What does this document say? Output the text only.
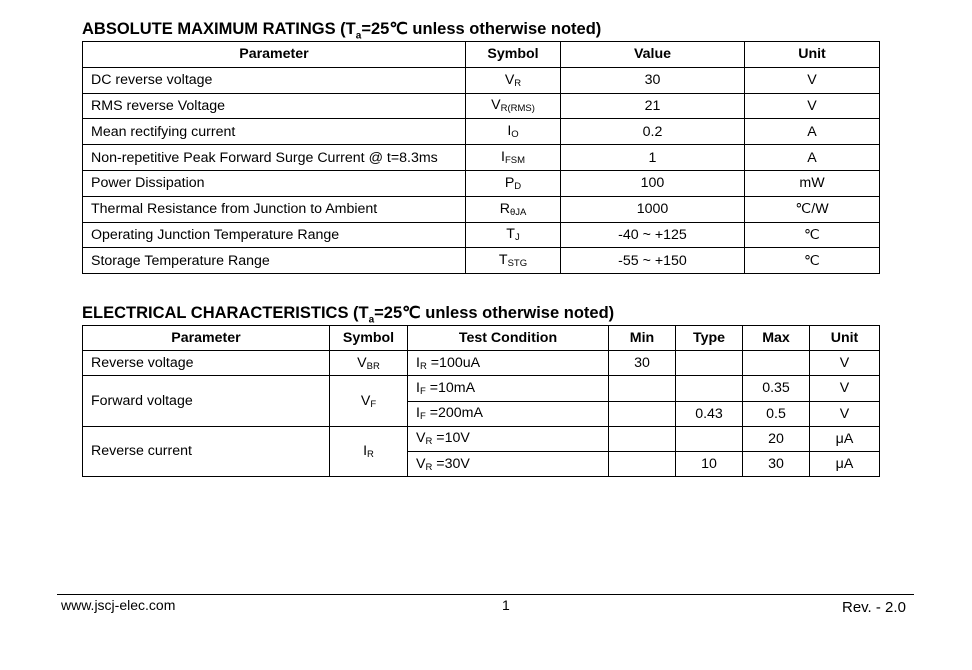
ABSOLUTE MAXIMUM RATINGS ($T_a=25℃$ unless otherwise noted)
Parameter	Symbol	Value	Unit
DC reverse voltage	$V_R$	30	V
RMS reverse Voltage	$V_{R(RMS)}$	21	V
Mean rectifying current	$I_O$	0.2	A
Non-repetitive Peak Forward Surge Current @ t=8.3ms	$I_{FSM}$	1	A
Power Dissipation	$P_D$	100	mW
Thermal Resistance from Junction to Ambient	$R_{\theta JA}$	1000	℃/W
Operating Junction Temperature Range	$T_J$	-40 ~ +125	℃
Storage Temperature Range	$T_{STG}$	-55 ~ +150	℃
ELECTRICAL CHARACTERISTICS ($T_a=25℃$ unless otherwise noted)
Parameter	Symbol	Test Condition	Min	Type	Max	Unit
Reverse voltage	$V_{BR}$	$I_R =100uA$	30			V
Forward voltage	$V_F$	$I_F =10mA$			0.35	V
		$I_F =200mA$		0.43	0.5	V
Reverse current	$I_R$	$V_R =10V$			20	μA
		$V_R =30V$		10	30	μA
www.jscj-elec.com	1	Rev. - 2.0
